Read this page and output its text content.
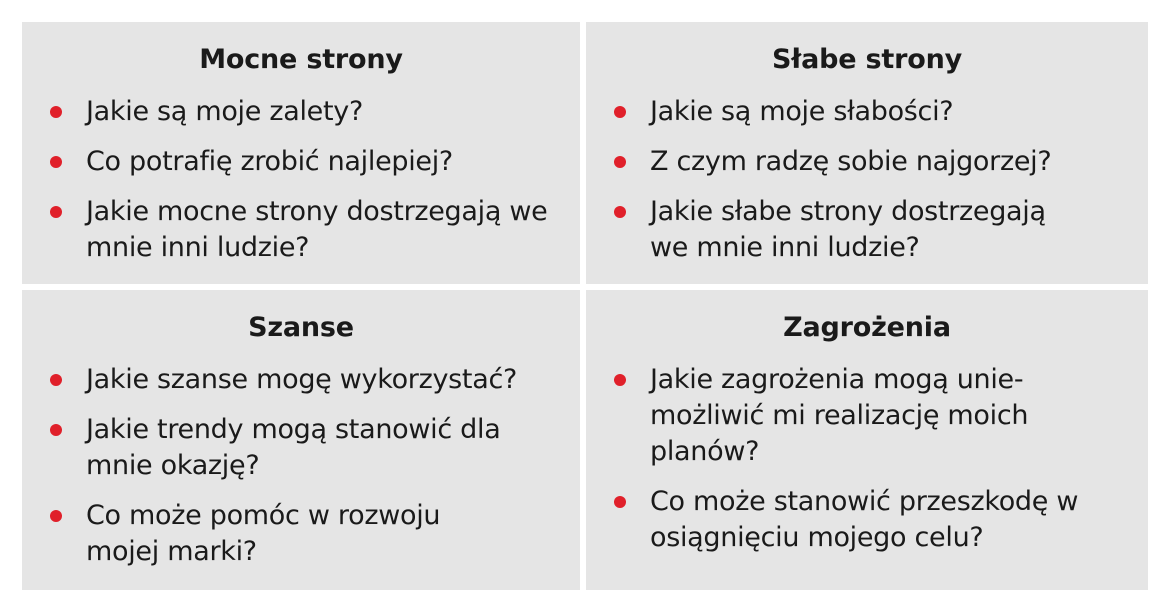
Mocne strony
Jakie są moje zalety?
Co potrafię zrobić najlepiej?
Jakie mocne strony dostrzegają we mnie inni ludzie?
Słabe strony
Jakie są moje słabości?
Z czym radzę sobie najgorzej?
Jakie słabe strony dostrzegają we mnie inni ludzie?
Szanse
Jakie szanse mogę wykorzystać?
Jakie trendy mogą stanowić dla mnie okazję?
Co może pomóc w rozwoju mojej marki?
Zagrożenia
Jakie zagrożenia mogą unie-możliwić mi realizację moich planów?
Co może stanowić przeszkodę w osiągnięciu mojego celu?
